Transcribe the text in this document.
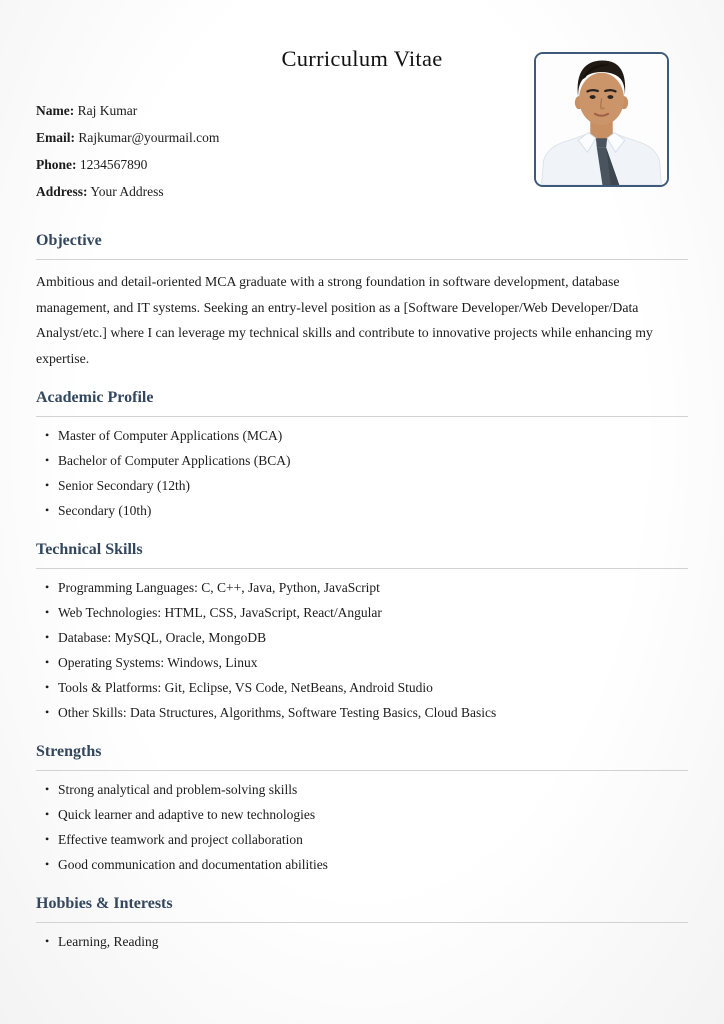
Curriculum Vitae

Name: Raj Kumar

Email: Rajkumar@yourmail.com

Phone: 1234567890

Address: Your Address

Objective

Ambitious and detail-oriented MCA graduate with a strong foundation in software development, database management, and IT systems. Seeking an entry-level position as a [Software Developer/Web Developer/Data Analyst/etc.] where I can leverage my technical skills and contribute to innovative projects while enhancing my expertise.

Academic Profile
• Master of Computer Applications (MCA)
• Bachelor of Computer Applications (BCA)
• Senior Secondary (12th)
• Secondary (10th)
Technical Skills
• Programming Languages: C, C++, Java, Python, JavaScript
• Web Technologies: HTML, CSS, JavaScript, React/Angular
• Database: MySQL, Oracle, MongoDB
• Operating Systems: Windows, Linux
• Tools & Platforms: Git, Eclipse, VS Code, NetBeans, Android Studio
• Other Skills: Data Structures, Algorithms, Software Testing Basics, Cloud Basics
Strengths
• Strong analytical and problem-solving skills
• Quick learner and adaptive to new technologies
• Effective teamwork and project collaboration
• Good communication and documentation abilities
Hobbies & Interests
• Learning, Reading
